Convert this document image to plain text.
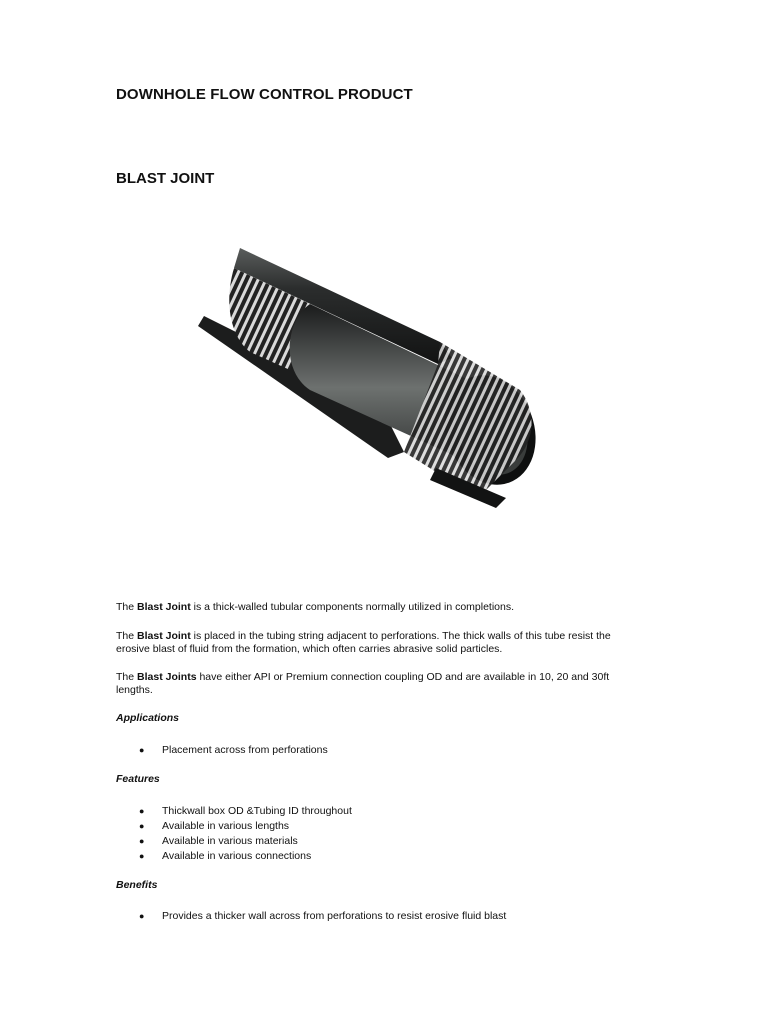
DOWNHOLE FLOW CONTROL PRODUCT
BLAST JOINT
The Blast Joint is a thick-walled tubular components normally utilized in completions.
The Blast Joint is placed in the tubing string adjacent to perforations. The thick walls of this tube resist the erosive blast of fluid from the formation, which often carries abrasive solid particles.
The Blast Joints have either API or Premium connection coupling OD and are available in 10, 20 and 30ft lengths.
Applications
● Placement across from perforations
Features
● Thickwall box OD &Tubing ID throughout
● Available in various lengths
● Available in various materials
● Available in various connections
Benefits
● Provides a thicker wall across from perforations to resist erosive fluid blast
